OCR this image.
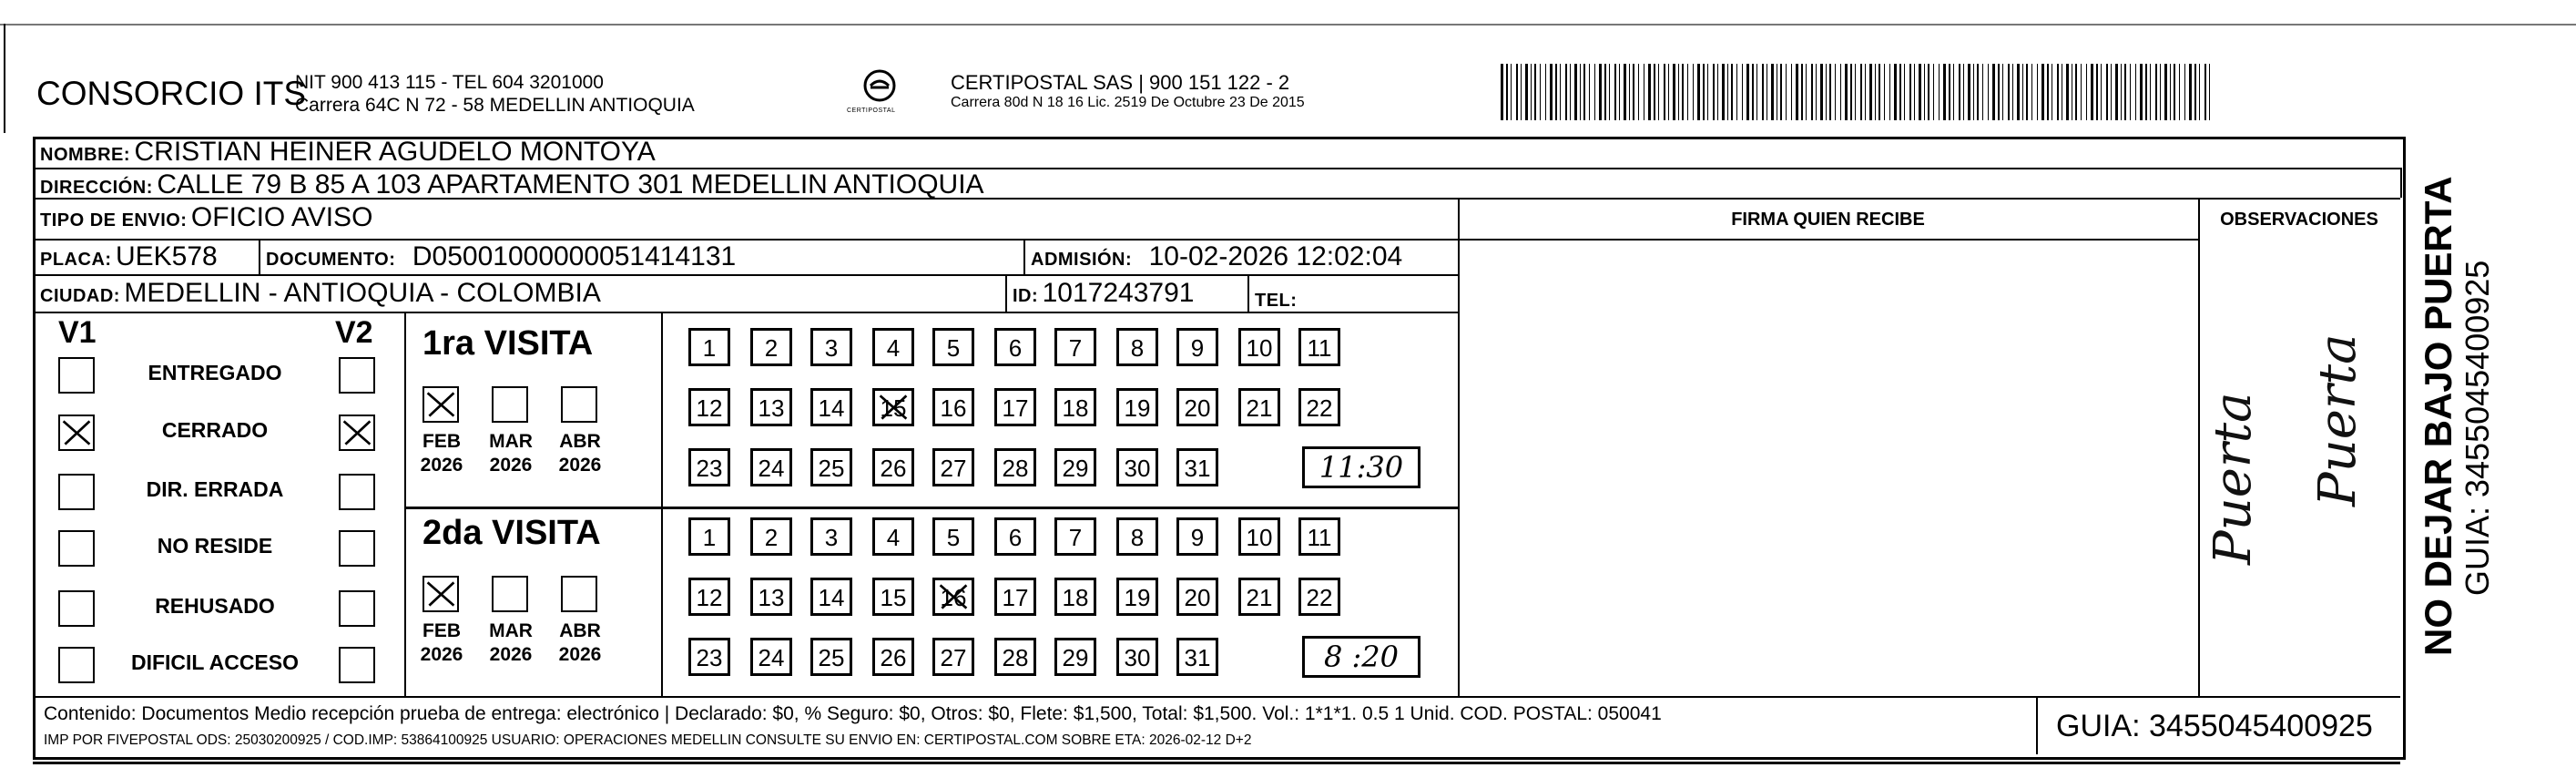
CONSORCIO ITS
NIT 900 413 115 - TEL 604 3201000
Carrera 64C N 72 - 58 MEDELLIN ANTIOQUIA	CERTIPOSTAL
CERTIPOSTAL SAS | 900 151 122 - 2
Carrera 80d N 18 16 Lic. 2519 De Octubre 23 De 2015
NOMBRE: CRISTIAN HEINER AGUDELO MONTOYA
DIRECCIÓN: CALLE 79 B 85 A 103 APARTAMENTO 301 MEDELLIN ANTIOQUIA
TIPO DE ENVIO: OFICIO AVISO
PLACA: UEK578	DOCUMENTO: D05001000000051414131	ADMISIÓN: 10-02-2026 12:02:04
CIUDAD: MEDELLIN - ANTIOQUIA - COLOMBIA	ID: 1017243791	TEL:
FIRMA QUIEN RECIBE	OBSERVACIONES
V1	V2
ENTREGADO
CERRADO
DIR. ERRADA
NO RESIDE
REHUSADO
DIFICIL ACCESO
1ra VISITA
2da VISITA
FEB
2026
MAR
2026
ABR
2026
1	2	3	4	5	6	7	8	9	10	11
12	13	14	15	16	17	18	19	20	21	22
23	24	25	26	27	28	29	30	31	11:30
FEB
2026
MAR
2026
ABR
2026
1	2	3	4	5	6	7	8	9	10	11
12	13	14	15	16	17	18	19	20	21	22
23	24	25	26	27	28	29	30	31	8 :20
Puerta Puerta NO DEJAR BAJO PUERTA GUIA: 3455045400925
Contenido: Documentos Medio recepción prueba de entrega: electrónico | Declarado: $0, % Seguro: $0, Otros: $0, Flete: $1,500, Total: $1,500. Vol.: 1*1*1. 0.5 1 Unid. COD. POSTAL: 050041
IMP POR FIVEPOSTAL ODS: 25030200925 / COD.IMP: 53864100925 USUARIO: OPERACIONES MEDELLIN CONSULTE SU ENVIO EN: CERTIPOSTAL.COM SOBRE ETA: 2026-02-12 D+2	GUIA: 3455045400925
